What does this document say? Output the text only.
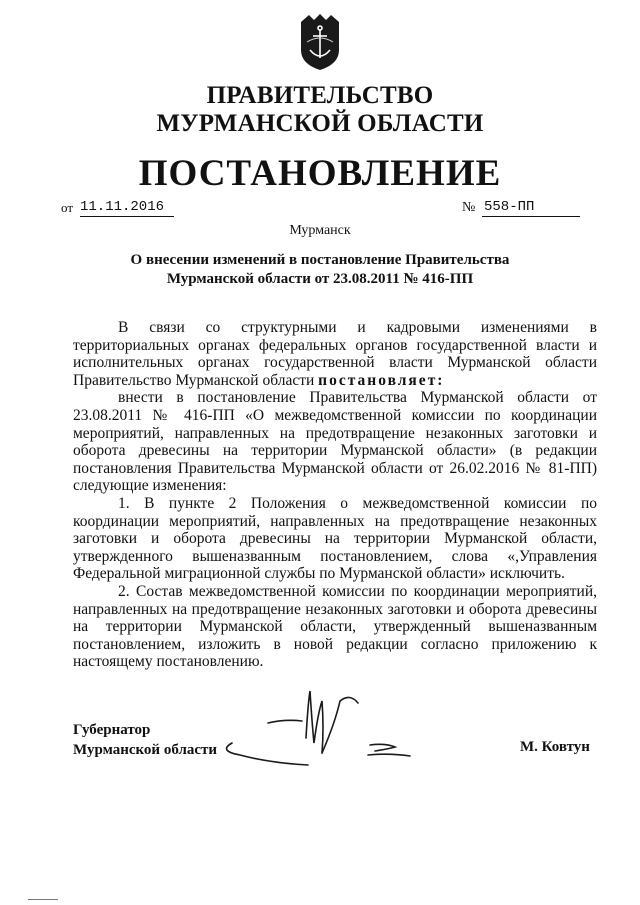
ПРАВИТЕЛЬСТВО
МУРМАНСКОЙ ОБЛАСТИ
ПОСТАНОВЛЕНИЕ
от 11.11.2016	№ 558-ПП
Мурманск
О внесении изменений в постановление Правительства Мурманской области от 23.08.2011 № 416-ПП

В связи со структурными и кадровыми изменениями в территориальных органах федеральных органов государственной власти и исполнительных органах государственной власти Мурманской области Правительство Мурманской области постановляет:

внести в постановление Правительства Мурманской области от 23.08.2011 № 416-ПП «О межведомственной комиссии по координации мероприятий, направленных на предотвращение незаконных заготовки и оборота древесины на территории Мурманской области» (в редакции постановления Правительства Мурманской области от 26.02.2016 № 81-ПП) следующие изменения:

1. В пункте 2 Положения о межведомственной комиссии по координации мероприятий, направленных на предотвращение незаконных заготовки и оборота древесины на территории Мурманской области, утвержденного вышеназванным постановлением, слова «,Управления Федеральной миграционной службы по Мурманской области» исключить.

2. Состав межведомственной комиссии по координации мероприятий, направленных на предотвращение незаконных заготовки и оборота древесины на территории Мурманской области, утвержденный вышеназванным постановлением, изложить в новой редакции согласно приложению к настоящему постановлению.

Губернатор
Мурманской области	М. Ковтун
